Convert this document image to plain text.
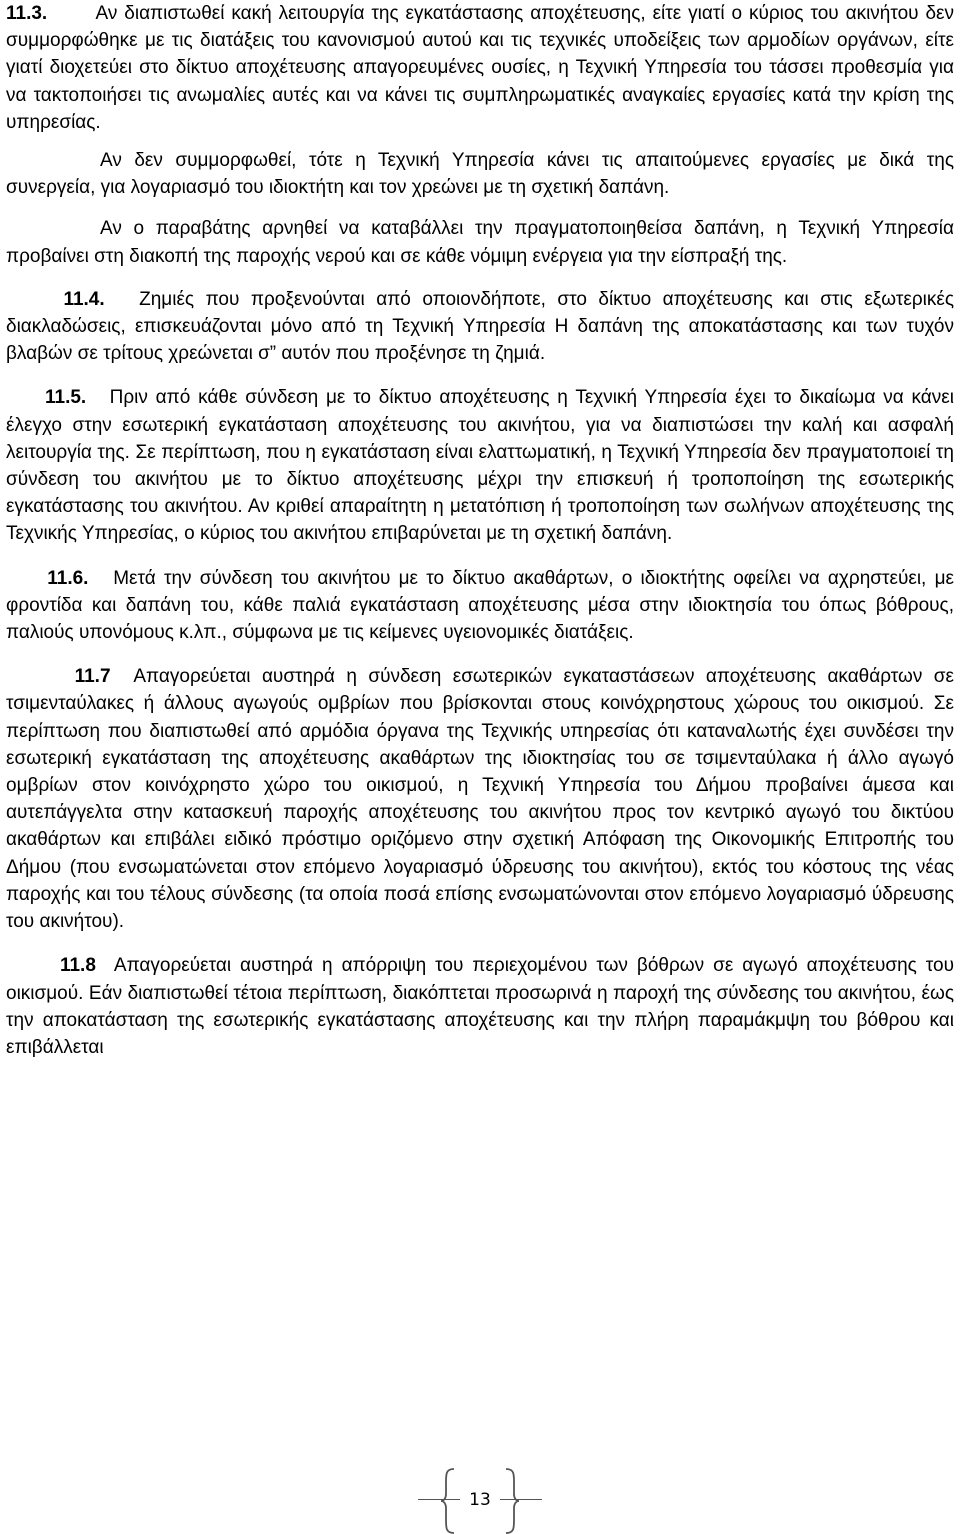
11.3.	Αν διαπιστωθεί κακή λειτουργία της εγκατάστασης αποχέτευσης, είτε γιατί ο κύριος του ακινήτου δεν συμμορφώθηκε με τις διατάξεις του κανονισμού αυτού και τις τεχνικές υποδείξεις των αρμοδίων οργάνων, είτε γιατί διοχετεύει στο δίκτυο αποχέτευσης απαγορευμένες ουσίες, η Τεχνική Υπηρεσία του τάσσει προθεσμία για να τακτοποιήσει τις ανωμαλίες αυτές και να κάνει τις συμπληρωματικές αναγκαίες εργασίες κατά την κρίση της υπηρεσίας.

Αν δεν συμμορφωθεί, τότε η Τεχνική Υπηρεσία κάνει τις απαιτούμενες εργασίες με δικά της συνεργεία, για λογαριασμό του ιδιοκτήτη και τον χρεώνει με τη σχετική δαπάνη.

Αν ο παραβάτης αρνηθεί να καταβάλλει την πραγματοποιηθείσα δαπάνη, η Τεχνική Υπηρεσία προβαίνει στη διακοπή της παροχής νερού και σε κάθε νόμιμη ενέργεια για την είσπραξή της.

11.4. Ζημιές που προξενούνται από οποιονδήποτε, στο δίκτυο αποχέτευσης και στις εξωτερικές διακλαδώσεις, επισκευάζονται μόνο από τη Τεχνική Υπηρεσία Η δαπάνη της αποκατάστασης και των τυχόν βλαβών σε τρίτους χρεώνεται σ” αυτόν που προξένησε τη ζημιά.

11.5. Πριν από κάθε σύνδεση με το δίκτυο αποχέτευσης η Τεχνική Υπηρεσία έχει το δικαίωμα να κάνει έλεγχο στην εσωτερική εγκατάσταση αποχέτευσης του ακινήτου, για να διαπιστώσει την καλή και ασφαλή λειτουργία της. Σε περίπτωση, που η εγκατάσταση είναι ελαττωματική, η Τεχνική Υπηρεσία δεν πραγματοποιεί τη σύνδεση του ακινήτου με το δίκτυο αποχέτευσης μέχρι την επισκευή ή τροποποίηση της εσωτερικής εγκατάστασης του ακινήτου. Αν κριθεί απαραίτητη η μετατόπιση ή τροποποίηση των σωλήνων αποχέτευσης της Τεχνικής Υπηρεσίας, ο κύριος του ακινήτου επιβαρύνεται με τη σχετική δαπάνη.

11.6. Μετά την σύνδεση του ακινήτου με το δίκτυο ακαθάρτων, ο ιδιοκτήτης οφείλει να αχρηστεύει, με φροντίδα και δαπάνη του, κάθε παλιά εγκατάσταση αποχέτευσης μέσα στην ιδιοκτησία του όπως βόθρους, παλιούς υπονόμους κ.λπ., σύμφωνα με τις κείμενες υγειονομικές διατάξεις.

11.7 Απαγορεύεται αυστηρά η σύνδεση εσωτερικών εγκαταστάσεων αποχέτευσης ακαθάρτων σε τσιμενταύλακες ή άλλους αγωγούς ομβρίων που βρίσκονται στους κοινόχρηστους χώρους του οικισμού. Σε περίπτωση που διαπιστωθεί από αρμόδια όργανα της Τεχνικής υπηρεσίας ότι καταναλωτής έχει συνδέσει την εσωτερική εγκατάσταση της αποχέτευσης ακαθάρτων της ιδιοκτησίας του σε τσιμενταύλακα ή άλλο αγωγό ομβρίων στον κοινόχρηστο χώρο του οικισμού, η Τεχνική Υπηρεσία του Δήμου προβαίνει άμεσα και αυτεπάγγελτα στην κατασκευή παροχής αποχέτευσης του ακινήτου προς τον κεντρικό αγωγό του δικτύου ακαθάρτων και επιβάλει ειδικό πρόστιμο οριζόμενο στην σχετική Απόφαση της Οικονομικής Επιτροπής του Δήμου (που ενσωματώνεται στον επόμενο λογαριασμό ύδρευσης του ακινήτου), εκτός του κόστους της νέας παροχής και του τέλους σύνδεσης (τα οποία ποσά επίσης ενσωματώνονται στον επόμενο λογαριασμό ύδρευσης του ακινήτου).

11.8 Απαγορεύεται αυστηρά η απόρριψη του περιεχομένου των βόθρων σε αγωγό αποχέτευσης του οικισμού. Εάν διαπιστωθεί τέτοια περίπτωση, διακόπτεται προσωρινά η παροχή της σύνδεσης του ακινήτου, έως την αποκατάσταση της εσωτερικής εγκατάστασης αποχέτευσης και την πλήρη παραμάκμψη του βόθρου και επιβάλλεται

13
